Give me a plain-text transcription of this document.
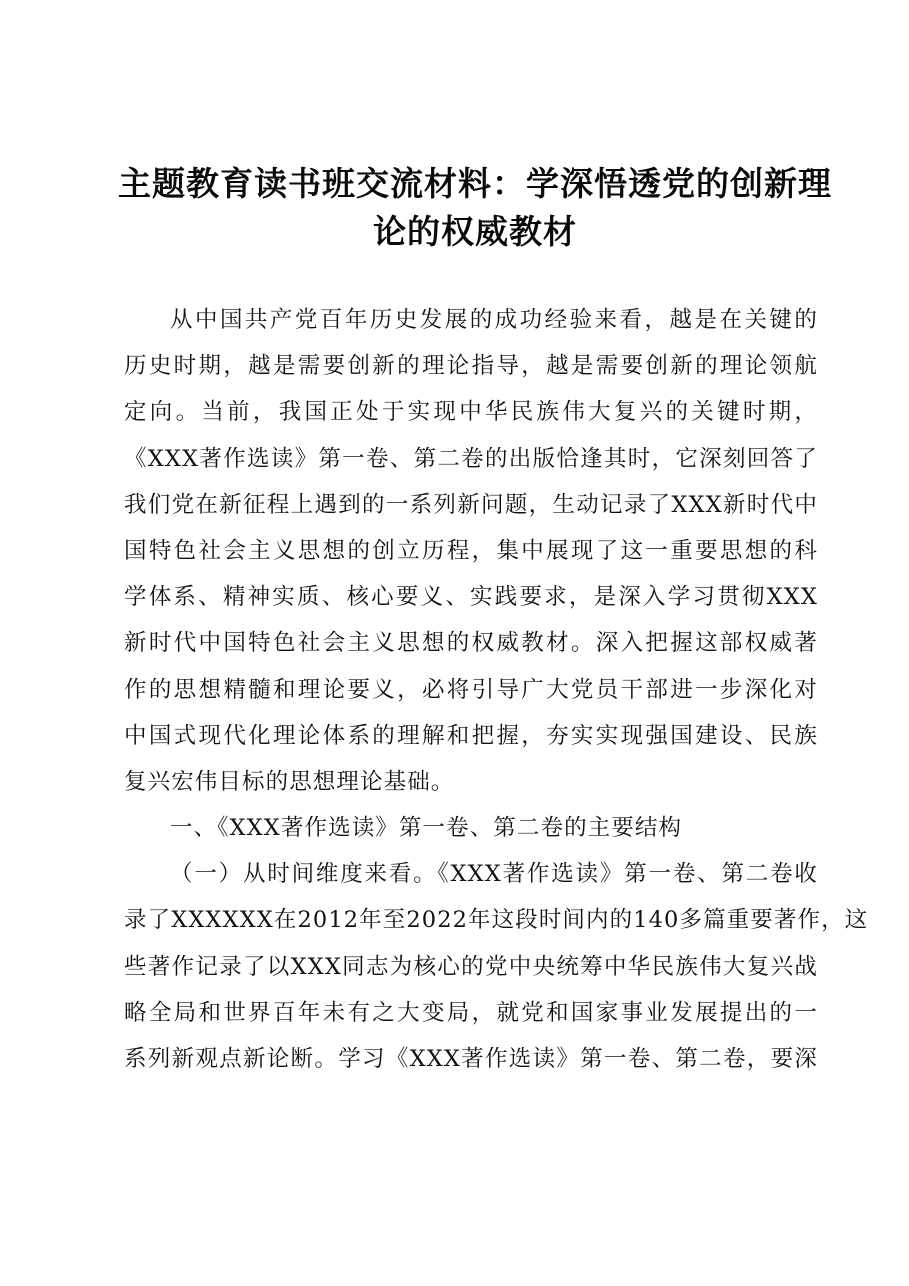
主题教育读书班交流材料：学深悟透党的创新理
论的权威教材
从中国共产党百年历史发展的成功经验来看，越是在关键的
历史时期，越是需要创新的理论指导，越是需要创新的理论领航
定向。当前，我国正处于实现中华民族伟大复兴的关键时期，
《XXX著作选读》第一卷、第二卷的出版恰逢其时，它深刻回答了
我们党在新征程上遇到的一系列新问题，生动记录了XXX新时代中
国特色社会主义思想的创立历程，集中展现了这一重要思想的科
学体系、精神实质、核心要义、实践要求，是深入学习贯彻XXX
新时代中国特色社会主义思想的权威教材。深入把握这部权威著
作的思想精髓和理论要义，必将引导广大党员干部进一步深化对
中国式现代化理论体系的理解和把握，夯实实现强国建设、民族
复兴宏伟目标的思想理论基础。
一、《XXX著作选读》第一卷、第二卷的主要结构
（一）从时间维度来看。《XXX著作选读》第一卷、第二卷收
录了XXXXXX在2012年至2022年这段时间内的140多篇重要著作，这
些著作记录了以XXX同志为核心的党中央统筹中华民族伟大复兴战
略全局和世界百年未有之大变局，就党和国家事业发展提出的一
系列新观点新论断。学习《XXX著作选读》第一卷、第二卷，要深
